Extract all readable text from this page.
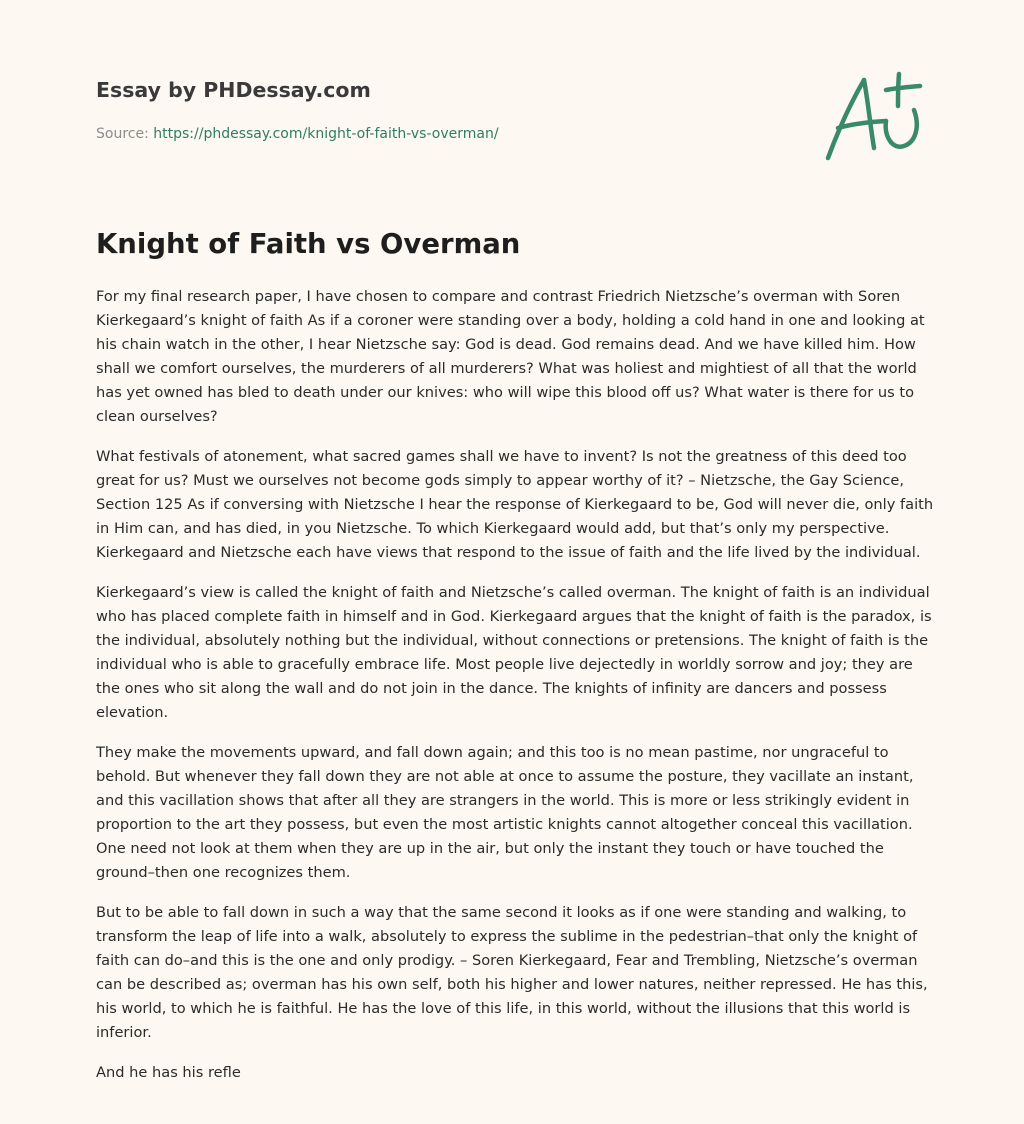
Essay by PHDessay.com
Source: https://phdessay.com/knight-of-faith-vs-overman/
Knight of Faith vs Overman

For my final research paper, I have chosen to compare and contrast Friedrich Nietzsche’s overman with Soren Kierkegaard’s knight of faith As if a coroner were standing over a body, holding a cold hand in one and looking at his chain watch in the other, I hear Nietzsche say: God is dead. God remains dead. And we have killed him. How shall we comfort ourselves, the murderers of all murderers? What was holiest and mightiest of all that the world has yet owned has bled to death under our knives: who will wipe this blood off us? What water is there for us to clean ourselves?

What festivals of atonement, what sacred games shall we have to invent? Is not the greatness of this deed too great for us? Must we ourselves not become gods simply to appear worthy of it? – Nietzsche, the Gay Science, Section 125 As if conversing with Nietzsche I hear the response of Kierkegaard to be, God will never die, only faith in Him can, and has died, in you Nietzsche. To which Kierkegaard would add, but that’s only my perspective. Kierkegaard and Nietzsche each have views that respond to the issue of faith and the life lived by the individual.

Kierkegaard’s view is called the knight of faith and Nietzsche’s called overman. The knight of faith is an individual who has placed complete faith in himself and in God. Kierkegaard argues that the knight of faith is the paradox, is the individual, absolutely nothing but the individual, without connections or pretensions. The knight of faith is the individual who is able to gracefully embrace life. Most people live dejectedly in worldly sorrow and joy; they are the ones who sit along the wall and do not join in the dance. The knights of infinity are dancers and possess elevation.

They make the movements upward, and fall down again; and this too is no mean pastime, nor ungraceful to behold. But whenever they fall down they are not able at once to assume the posture, they vacillate an instant, and this vacillation shows that after all they are strangers in the world. This is more or less strikingly evident in proportion to the art they possess, but even the most artistic knights cannot altogether conceal this vacillation. One need not look at them when they are up in the air, but only the instant they touch or have touched the ground–then one recognizes them.

But to be able to fall down in such a way that the same second it looks as if one were standing and walking, to transform the leap of life into a walk, absolutely to express the sublime in the pedestrian–that only the knight of faith can do–and this is the one and only prodigy. – Soren Kierkegaard, Fear and Trembling, Nietzsche’s overman can be described as; overman has his own self, both his higher and lower natures, neither repressed. He has this, his world, to which he is faithful. He has the love of this life, in this world, without the illusions that this world is inferior.

And he has his refle
